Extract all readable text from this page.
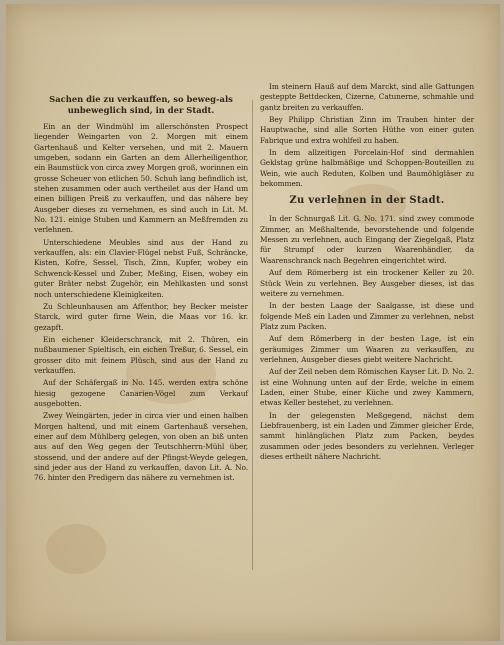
Sachen die zu verkauffen, so beweg-als unbeweglich sind, in der Stadt.

Ein an der Windmühl im allerschönsten Prospect liegender Weingarten von 2. Morgen mit einem Gartenhauß und Kelter versehen, und mit 2. Mauern umgeben, sodann ein Garten an dem Allerheiligenthor, ein Baumstück von circa zwey Morgen groß, worinnen ein grosse Scheuer von etlichen 50. Schuh lang befindlich ist, stehen zusammen oder auch vertheilet aus der Hand um einen billigen Preiß zu verkauffen, und das nähere bey Ausgeber dieses zu vernehmen, es sind auch in Lit. M. No. 121. einige Stuben und Kammern an Meßfremden zu verlehnen.

Unterschiedene Meubles sind aus der Hand zu verkauffen, als: ein Clavier-Flügel nebst Fuß, Schräncke, Kisten, Kofre, Sessel, Tisch, Zinn, Kupfer, wobey ein Schwenck-Kessel und Zuber, Meßing, Eisen, wobey ein guter Bräter nebst Zugehör, ein Mehlkasten und sonst noch unterschiedene Kleinigkeiten.

Zu Schleunhausen am Affenthor, bey Becker meister Starck, wird guter firne Wein, die Maas vor 16. kr. gezapft.

Ein eichener Kleiderschranck, mit 2. Thüren, ein nußbaumener Spieltisch, ein eichen Treßur, 6. Sessel, ein grosser dito mit feinem Plüsch, sind aus der Hand zu verkauffen.

Auf der Schäfergaß in No. 145. werden extra schöne hiesig gezogene Canarien-Vögel zum Verkauf ausgebotten.

Zwey Weingärten, jeder in circa vier und einen halben Morgen haltend, und mit einem Gartenhauß versehen, einer auf dem Mühlberg gelegen, von oben an biß unten aus auf den Weg gegen der Teutschherrn-Mühl über, stossend, und der andere auf der Pfingst-Weyde gelegen, sind jeder aus der Hand zu verkauffen, davon Lit. A. No. 76. hinter den Predigern das nähere zu vernehmen ist.

Im steinern Hauß auf dem Marckt, sind alle Gattungen gesteppte Bettdecken, Cizerne, Catunerne, schmahle und gantz breiten zu verkauffen.

Bey Philipp Christian Zinn im Trauben hinter der Hauptwache, sind alle Sorten Hüthe von einer guten Fabrique und extra wohlfeil zu haben.

In dem allzeitigen Porcelain-Hof sind dermahlen Geklstag grüne halbmäßige und Schoppen-Bouteillen zu Wein, wie auch Reduten, Kolben und Baumöhlgläser zu bekommen.

Zu verlehnen in der Stadt.

In der Schnurgaß Lit. G. No. 171. sind zwey commode Zimmer, an Meßhaltende, bevorstehende und folgende Messen zu verlehnen, auch Eingang der Ziegelgaß, Platz für Strumpf oder kurzen Waarenhändler, da Waarenschranck nach Begehren eingerichtet wird.

Auf dem Römerberg ist ein trockener Keller zu 20. Stück Wein zu verlehnen. Bey Ausgeber dieses, ist das weitere zu vernehmen.

In der besten Laage der Saalgasse, ist diese und folgende Meß ein Laden und Zimmer zu verlehnen, nebst Platz zum Packen.

Auf dem Römerberg in der besten Lage, ist ein geräumiges Zimmer um Waaren zu verkauffen, zu verlehnen, Ausgeber dieses giebt weitere Nachricht.

Auf der Zeil neben dem Römischen Kayser Lit. D. No. 2. ist eine Wohnung unten auf der Erde, welche in einem Laden, einer Stube, einer Küche und zwey Kammern, etwas Keller bestehet, zu verlehnen.

In der gelegensten Meßgegend, nächst dem Liebfrauenberg, ist ein Laden und Zimmer gleicher Erde, sammt hinlänglichen Platz zum Packen, beydes zusammen oder jedes besonders zu verlehnen. Verleger dieses ertheilt nähere Nachricht.
